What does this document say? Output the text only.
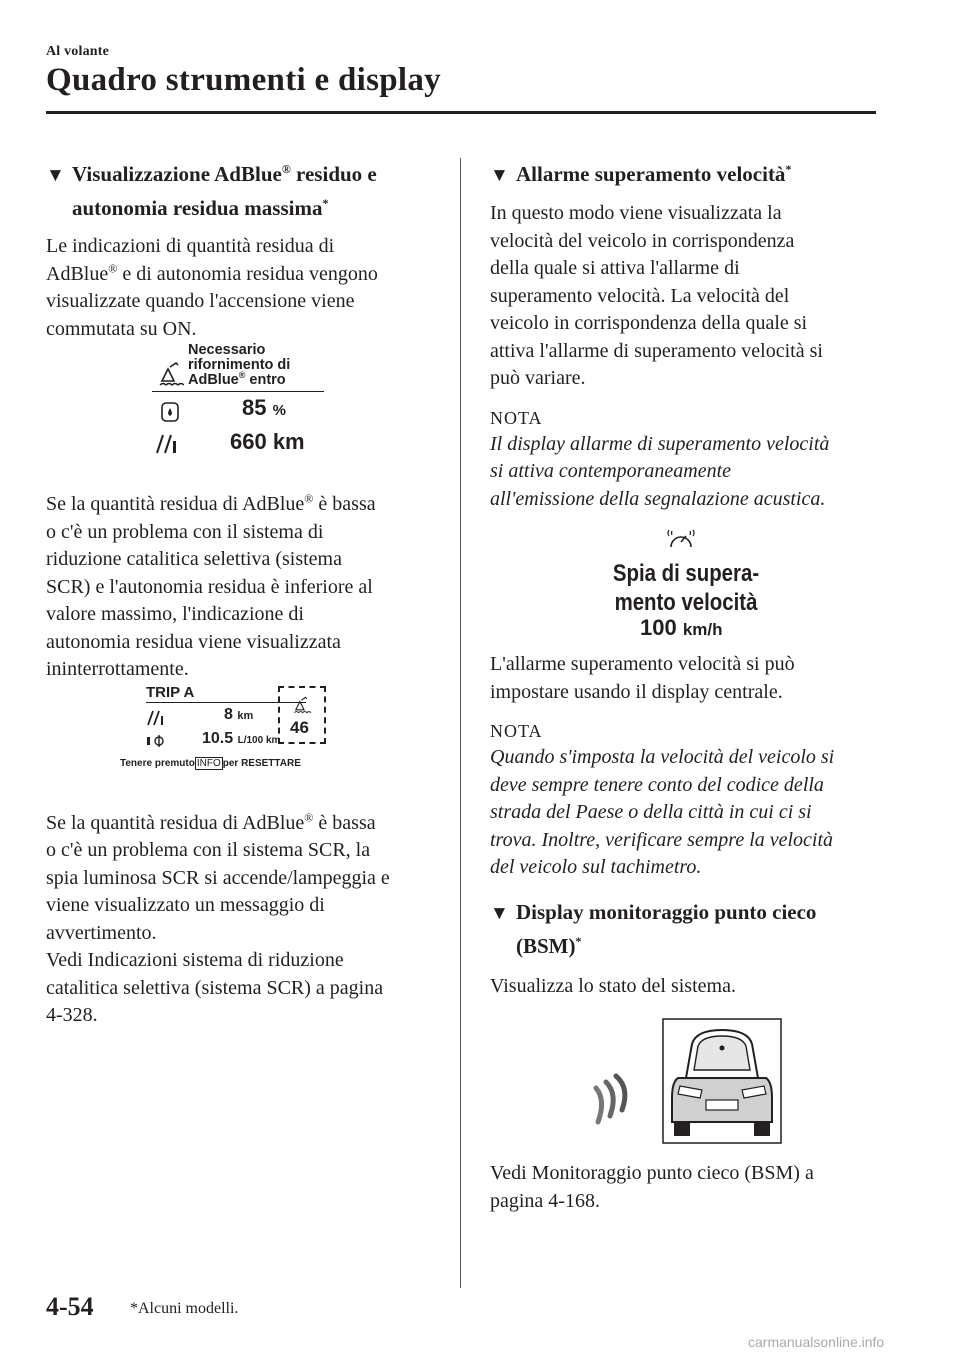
Al volante
Quadro strumenti e display
▼ Visualizzazione AdBlue® residuo e
autonomia residua massima*
Le indicazioni di quantità residua di
AdBlue® e di autonomia residua vengono
visualizzate quando l'accensione viene
commutata su ON.
Necessario
rifornimento di
AdBlue® entro
85 %
660 km
Se la quantità residua di AdBlue® è bassa
o c'è un problema con il sistema di
riduzione catalitica selettiva (sistema
SCR) e l'autonomia residua è inferiore al
valore massimo, l'indicazione di
autonomia residua viene visualizzata
ininterrottamente.
TRIP A
8 km
10.5 L/100 km
46
Tenere premuto INFO per RESETTARE
Se la quantità residua di AdBlue® è bassa
o c'è un problema con il sistema SCR, la
spia luminosa SCR si accende/lampeggia e
viene visualizzato un messaggio di
avvertimento.
Vedi Indicazioni sistema di riduzione
catalitica selettiva (sistema SCR) a pagina
4-328.
▼ Allarme superamento velocità*
In questo modo viene visualizzata la
velocità del veicolo in corrispondenza
della quale si attiva l'allarme di
superamento velocità. La velocità del
veicolo in corrispondenza della quale si
attiva l'allarme di superamento velocità si
può variare.
NOTA
Il display allarme di superamento velocità
si attiva contemporaneamente
all'emissione della segnalazione acustica.
Spia di supera-
mento velocità
100 km/h
L'allarme superamento velocità si può
impostare usando il display centrale.
NOTA
Quando s'imposta la velocità del veicolo si
deve sempre tenere conto del codice della
strada del Paese o della città in cui ci si
trova. Inoltre, verificare sempre la velocità
del veicolo sul tachimetro.
▼ Display monitoraggio punto cieco
(BSM)*
Visualizza lo stato del sistema.
Vedi Monitoraggio punto cieco (BSM) a
pagina 4-168.
4-54 *Alcuni modelli.
carmanualsonline.info
